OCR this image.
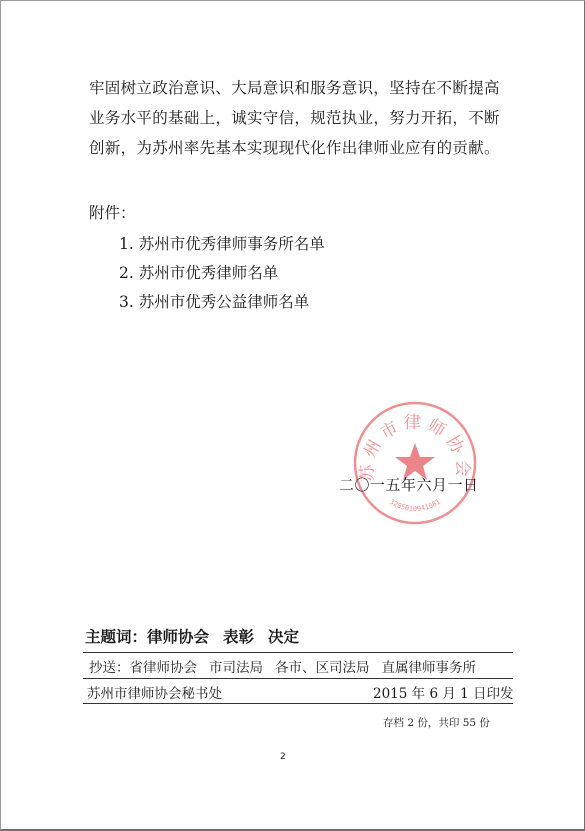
牢固树立政治意识、大局意识和服务意识，坚持在不断提高
业务水平的基础上，诚实守信，规范执业，努力开拓，不断
创新，为苏州率先基本实现现代化作出律师业应有的贡献。
附件：
1. 苏州市优秀律师事务所名单
2. 苏州市优秀律师名单
3. 苏州市优秀公益律师名单
苏州市律师协会
3205010941681
二〇一五年六月一日
主题词：律师协会 表彰 决定
抄送：省律师协会 市司法局 各市、区司法局 直属律师事务所
苏州市律师协会秘书处	2015 年 6 月 1 日印发
存档 2 份，共印 55 份
2
